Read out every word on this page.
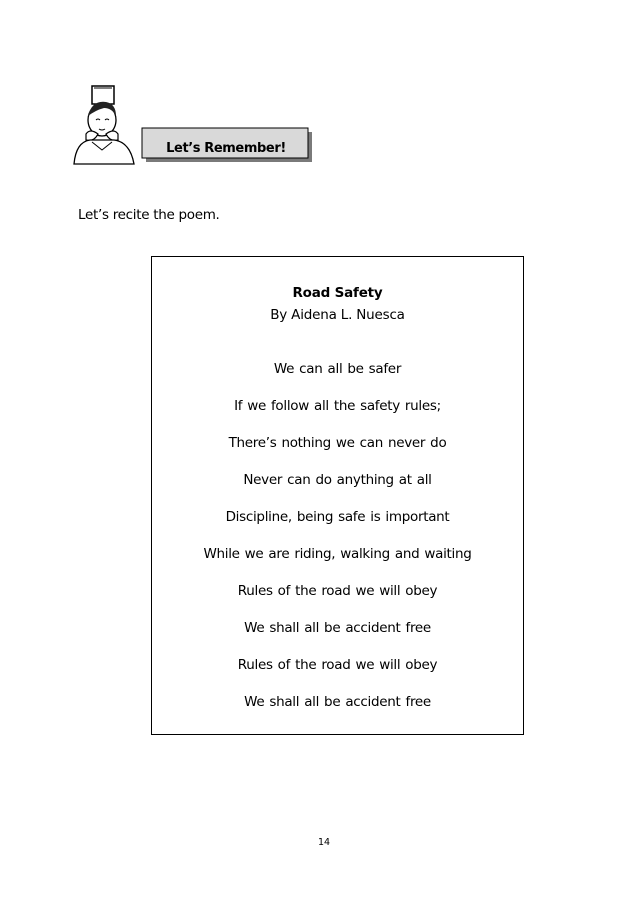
Let’s Remember!
Let’s recite the poem.
Road Safety
By Aidena L. Nuesca
We can all be safer
If we follow all the safety rules;
There’s nothing we can never do
Never can do anything at all
Discipline, being safe is important
While we are riding, walking and waiting
Rules of the road we will obey
We shall all be accident free
Rules of the road we will obey
We shall all be accident free
14
